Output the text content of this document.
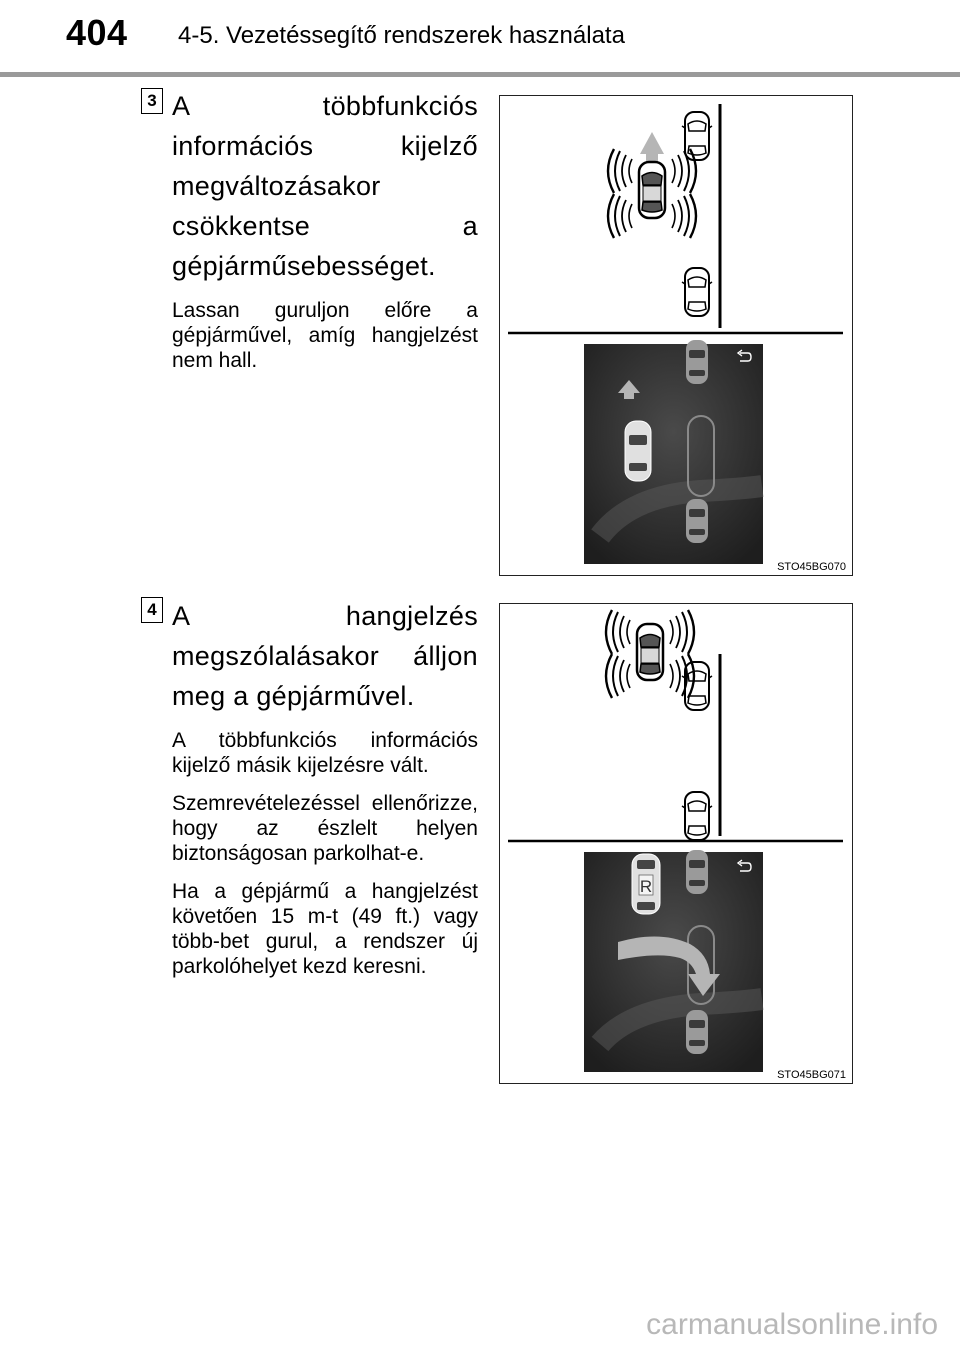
404 4-5. Vezetéssegítő rendszerek használata
3 A többfunkciós információs kijelző megváltozásakor csökkentse a gépjárműsebességet.
Lassan guruljon előre a gépjárművel, amíg hangjelzést nem hall.
STO45BG070
4 A hangjelzés megszólalásakor álljon meg a gépjárművel.
A többfunkciós információs kijelző másik kijelzésre vált.
Szemrevételezéssel ellenőrizze, hogy az észlelt helyen biztonságosan parkolhat-e.
Ha a gépjármű a hangjelzést követően 15 m-t (49 ft.) vagy több-bet gurul, a rendszer új parkolóhelyet kezd keresni.
R
STO45BG071
carmanualsonline.info
